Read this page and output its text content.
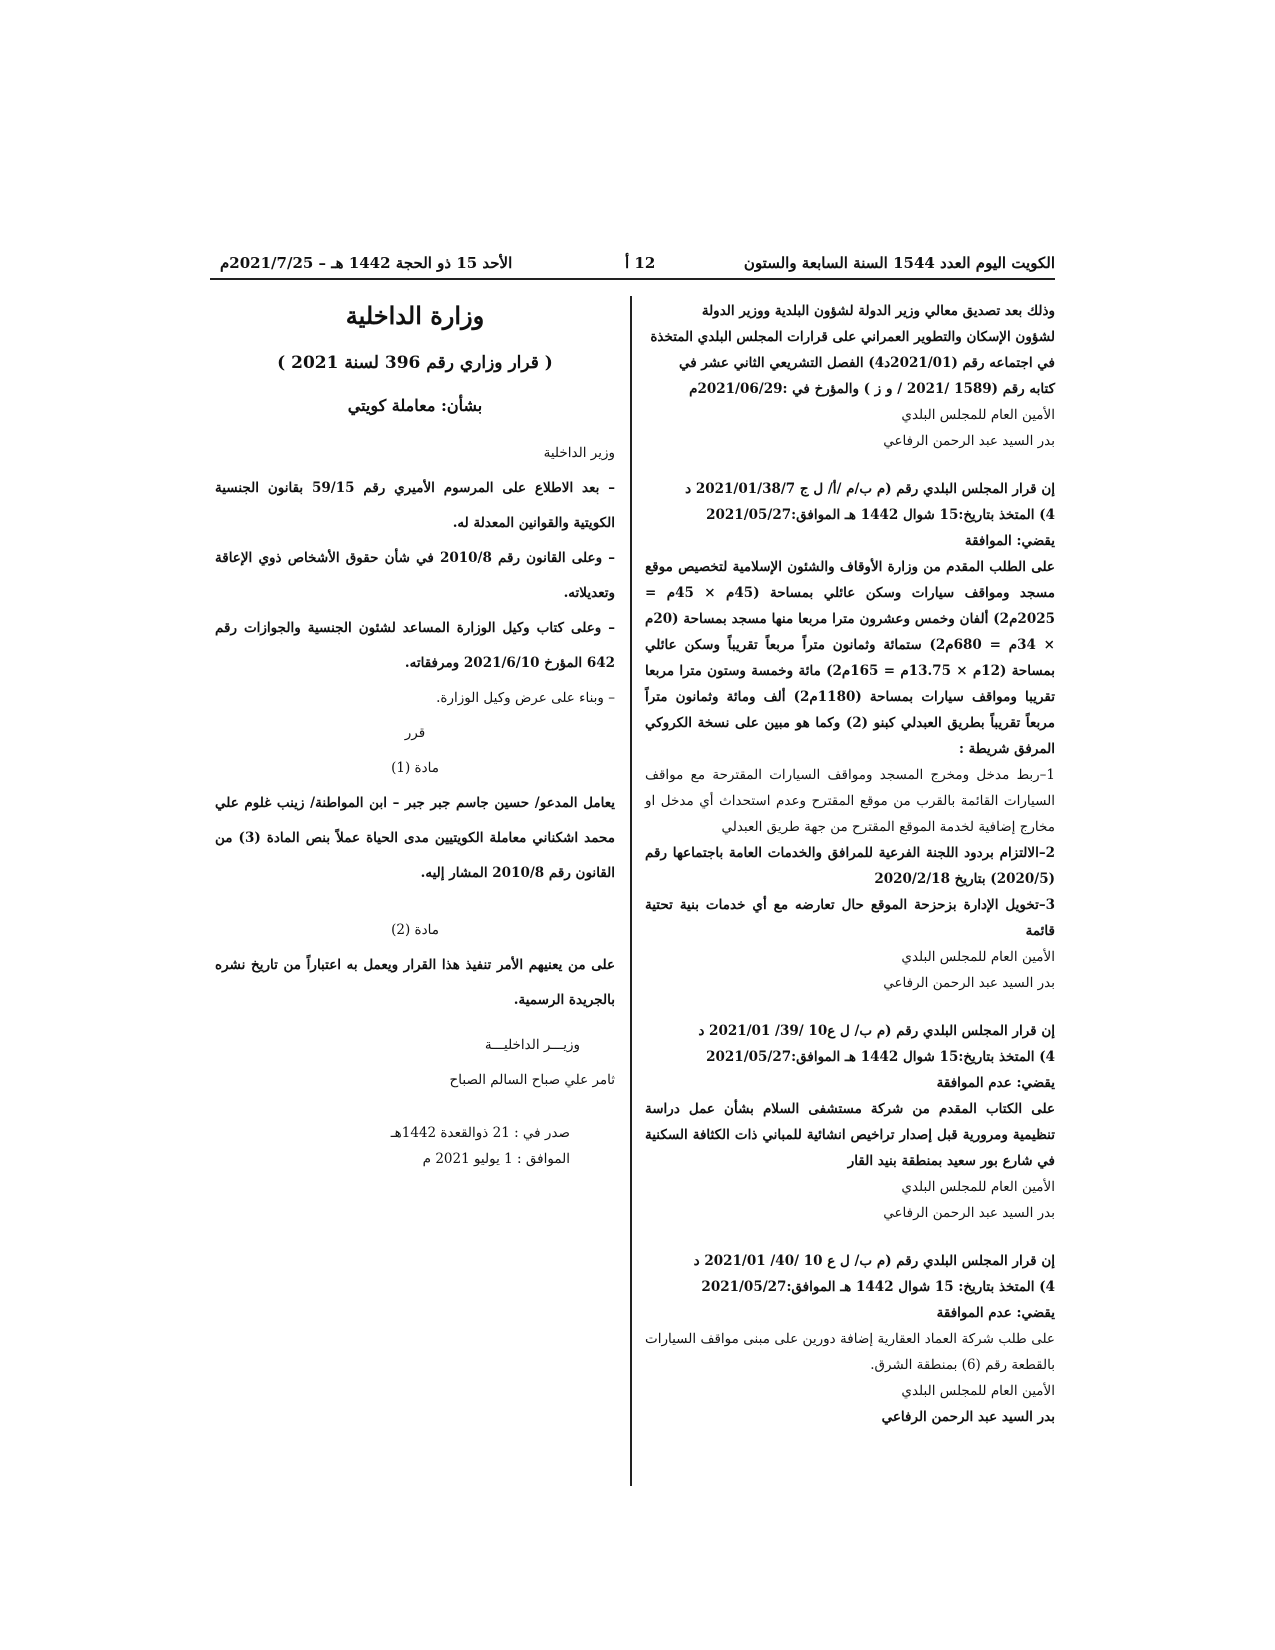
الكويت اليوم العدد 1544 السنة السابعة والستون
12 أ
الأحد 15 ذو الحجة 1442 هـ – 2021/7/25م

وذلك بعد تصديق معالي وزير الدولة لشؤون البلدية ووزير الدولة

لشؤون الإسكان والتطوير العمراني على قرارات المجلس البلدي المتخذة

في اجتماعه رقم (2021/01د4) الفصل التشريعي الثاني عشر في

كتابه رقم (1589 /2021 / و ز ) والمؤرخ في :2021/06/29م

الأمين العام للمجلس البلدي

بدر السيد عبد الرحمن الرفاعي

إن قرار المجلس البلدي رقم (م ب/م /أ/ ل ج 2021/01/38/7 د

4) المتخذ بتاريخ:15 شوال 1442 هـ الموافق:2021/05/27

يقضي: الموافقة

على الطلب المقدم من وزارة الأوقاف والشئون الإسلامية لتخصيص موقع مسجد ومواقف سيارات وسكن عائلي بمساحة (45م × 45م = 2025م2) ألفان وخمس وعشرون مترا مربعا منها مسجد بمساحة (20م × 34م = 680م2) ستمائة وثمانون متراً مربعاً تقريباً وسكن عائلي بمساحة (12م × 13.75م = 165م2) مائة وخمسة وستون مترا مربعا تقريبا ومواقف سيارات بمساحة (1180م2) ألف ومائة وثمانون متراً مربعاً تقريباً بطريق العبدلي كبنو (2) وكما هو مبين على نسخة الكروكي المرفق شريطة :

1–ربط مدخل ومخرج المسجد ومواقف السيارات المقترحة مع مواقف السيارات القائمة بالقرب من موقع المقترح وعدم استحداث أي مدخل او مخارج إضافية لخدمة الموقع المقترح من جهة طريق العبدلي

2–الالتزام بردود اللجنة الفرعية للمرافق والخدمات العامة باجتماعها رقم (2020/5) بتاريخ 2020/2/18

3–تخويل الإدارة بزحزحة الموقع حال تعارضه مع أي خدمات بنية تحتية قائمة

الأمين العام للمجلس البلدي

بدر السيد عبد الرحمن الرفاعي

إن قرار المجلس البلدي رقم (م ب/ ل ع10 /39/ 2021/01 د

4) المتخذ بتاريخ:15 شوال 1442 هـ الموافق:2021/05/27

يقضي: عدم الموافقة

على الكتاب المقدم من شركة مستشفى السلام بشأن عمل دراسة تنظيمية ومرورية قبل إصدار تراخيص انشائية للمباني ذات الكثافة السكنية في شارع بور سعيد بمنطقة بنيد القار

الأمين العام للمجلس البلدي

بدر السيد عبد الرحمن الرفاعي

إن قرار المجلس البلدي رقم (م ب/ ل ع 10 /40/ 2021/01 د

4) المتخذ بتاريخ: 15 شوال 1442 هـ الموافق:2021/05/27

يقضي: عدم الموافقة

على طلب شركة العماد العقارية إضافة دورين على مبنى مواقف السيارات بالقطعة رقم (6) بمنطقة الشرق.

الأمين العام للمجلس البلدي

بدر السيد عبد الرحمن الرفاعي

وزارة الداخلية
( قرار وزاري رقم 396 لسنة 2021 )
بشأن: معاملة كويتي

وزير الداخلية

– بعد الاطلاع على المرسوم الأميري رقم 59/15 بقانون الجنسية الكويتية والقوانين المعدلة له.

– وعلى القانون رقم 2010/8 في شأن حقوق الأشخاص ذوي الإعاقة وتعديلاته.

– وعلى كتاب وكيل الوزارة المساعد لشئون الجنسية والجوازات رقم 642 المؤرخ 2021/6/10 ومرفقاته.

– وبناء على عرض وكيل الوزارة.

قرر

مادة (1)

يعامل المدعو/ حسين جاسم جبر جبر – ابن المواطنة/ زينب غلوم علي محمد اشكناني معاملة الكويتيين مدى الحياة عملاً بنص المادة (3) من القانون رقم 2010/8 المشار إليه.

مادة (2)

على من يعنيهم الأمر تنفيذ هذا القرار ويعمل به اعتباراً من تاريخ نشره بالجريدة الرسمية.

وزيـــر الداخليـــة

ثامر علي صباح السالم الصباح

صدر في : 21 ذوالقعدة 1442هـ

الموافق : 1 يوليو 2021 م
